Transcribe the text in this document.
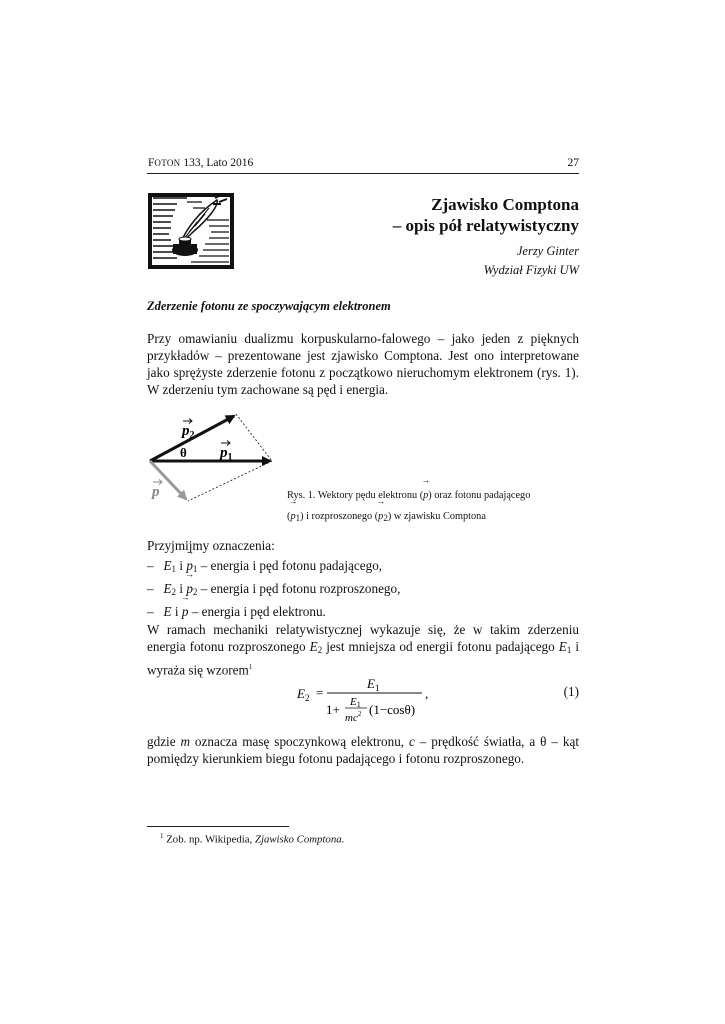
FOTON 133, Lato 2016	27
Zjawisko Comptona
– opis pół relatywistyczny
Jerzy Ginter
Wydział Fizyki UW
Zderzenie fotonu ze spoczywającym elektronem
Przy omawianiu dualizmu korpuskularno-falowego – jako jeden z pięknych przykładów – prezentowane jest zjawisko Comptona. Jest ono interpretowane jako sprężyste zderzenie fotonu z początkowo nieruchomym elektronem (rys. 1). W zderzeniu tym zachowane są pęd i energia.
$p_2$
θ $p_1$
p	Rys. 1. Wektory pędu elektronu (→ p) oraz fotonu padającego
(→ p1) i rozproszonego (→ p2) w zjawisku Comptona
Przyjmijmy oznaczenia:
– $E_1$ $i \to p_1$ – energia i pęd fotonu padającego,
– $E_2$ $i \to p_2$ – energia i pęd fotonu rozproszonego,
– E i → p – energia i pęd elektronu.
W ramach mechaniki relatywistycznej wykazuje się, że w takim zderzeniu energia fotonu rozproszonego $E_2$ jest mniejsza od energii fotonu padającego $E_1$ i wyraża się wzorem$^1$
$E_2$ =
$E_1$
1+ E1
$mc^2$ (1−cosθ)
,	(1)
gdzie m oznacza masę spoczynkową elektronu, c – prędkość światła, a θ – kąt pomiędzy kierunkiem biegu fotonu padającego i fotonu rozproszonego.
$^1$ Zob. np. Wikipedia, Zjawisko Comptona.
